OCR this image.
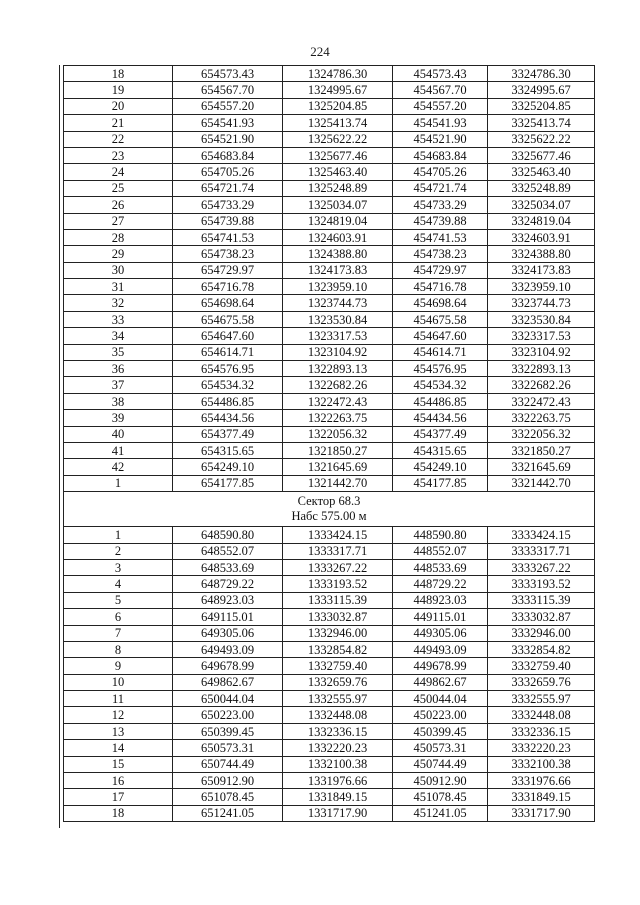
224
18	654573.43	1324786.30	454573.43	3324786.30
19	654567.70	1324995.67	454567.70	3324995.67
20	654557.20	1325204.85	454557.20	3325204.85
21	654541.93	1325413.74	454541.93	3325413.74
22	654521.90	1325622.22	454521.90	3325622.22
23	654683.84	1325677.46	454683.84	3325677.46
24	654705.26	1325463.40	454705.26	3325463.40
25	654721.74	1325248.89	454721.74	3325248.89
26	654733.29	1325034.07	454733.29	3325034.07
27	654739.88	1324819.04	454739.88	3324819.04
28	654741.53	1324603.91	454741.53	3324603.91
29	654738.23	1324388.80	454738.23	3324388.80
30	654729.97	1324173.83	454729.97	3324173.83
31	654716.78	1323959.10	454716.78	3323959.10
32	654698.64	1323744.73	454698.64	3323744.73
33	654675.58	1323530.84	454675.58	3323530.84
34	654647.60	1323317.53	454647.60	3323317.53
35	654614.71	1323104.92	454614.71	3323104.92
36	654576.95	1322893.13	454576.95	3322893.13
37	654534.32	1322682.26	454534.32	3322682.26
38	654486.85	1322472.43	454486.85	3322472.43
39	654434.56	1322263.75	454434.56	3322263.75
40	654377.49	1322056.32	454377.49	3322056.32
41	654315.65	1321850.27	454315.65	3321850.27
42	654249.10	1321645.69	454249.10	3321645.69
1	654177.85	1321442.70	454177.85	3321442.70

Сектор 68.3
Набс 575.00 м				

1	648590.80	1333424.15	448590.80	3333424.15
2	648552.07	1333317.71	448552.07	3333317.71
3	648533.69	1333267.22	448533.69	3333267.22
4	648729.22	1333193.52	448729.22	3333193.52
5	648923.03	1333115.39	448923.03	3333115.39
6	649115.01	1333032.87	449115.01	3333032.87
7	649305.06	1332946.00	449305.06	3332946.00
8	649493.09	1332854.82	449493.09	3332854.82
9	649678.99	1332759.40	449678.99	3332759.40
10	649862.67	1332659.76	449862.67	3332659.76
11	650044.04	1332555.97	450044.04	3332555.97
12	650223.00	1332448.08	450223.00	3332448.08
13	650399.45	1332336.15	450399.45	3332336.15
14	650573.31	1332220.23	450573.31	3332220.23
15	650744.49	1332100.38	450744.49	3332100.38
16	650912.90	1331976.66	450912.90	3331976.66
17	651078.45	1331849.15	451078.45	3331849.15
18	651241.05	1331717.90	451241.05	3331717.90
